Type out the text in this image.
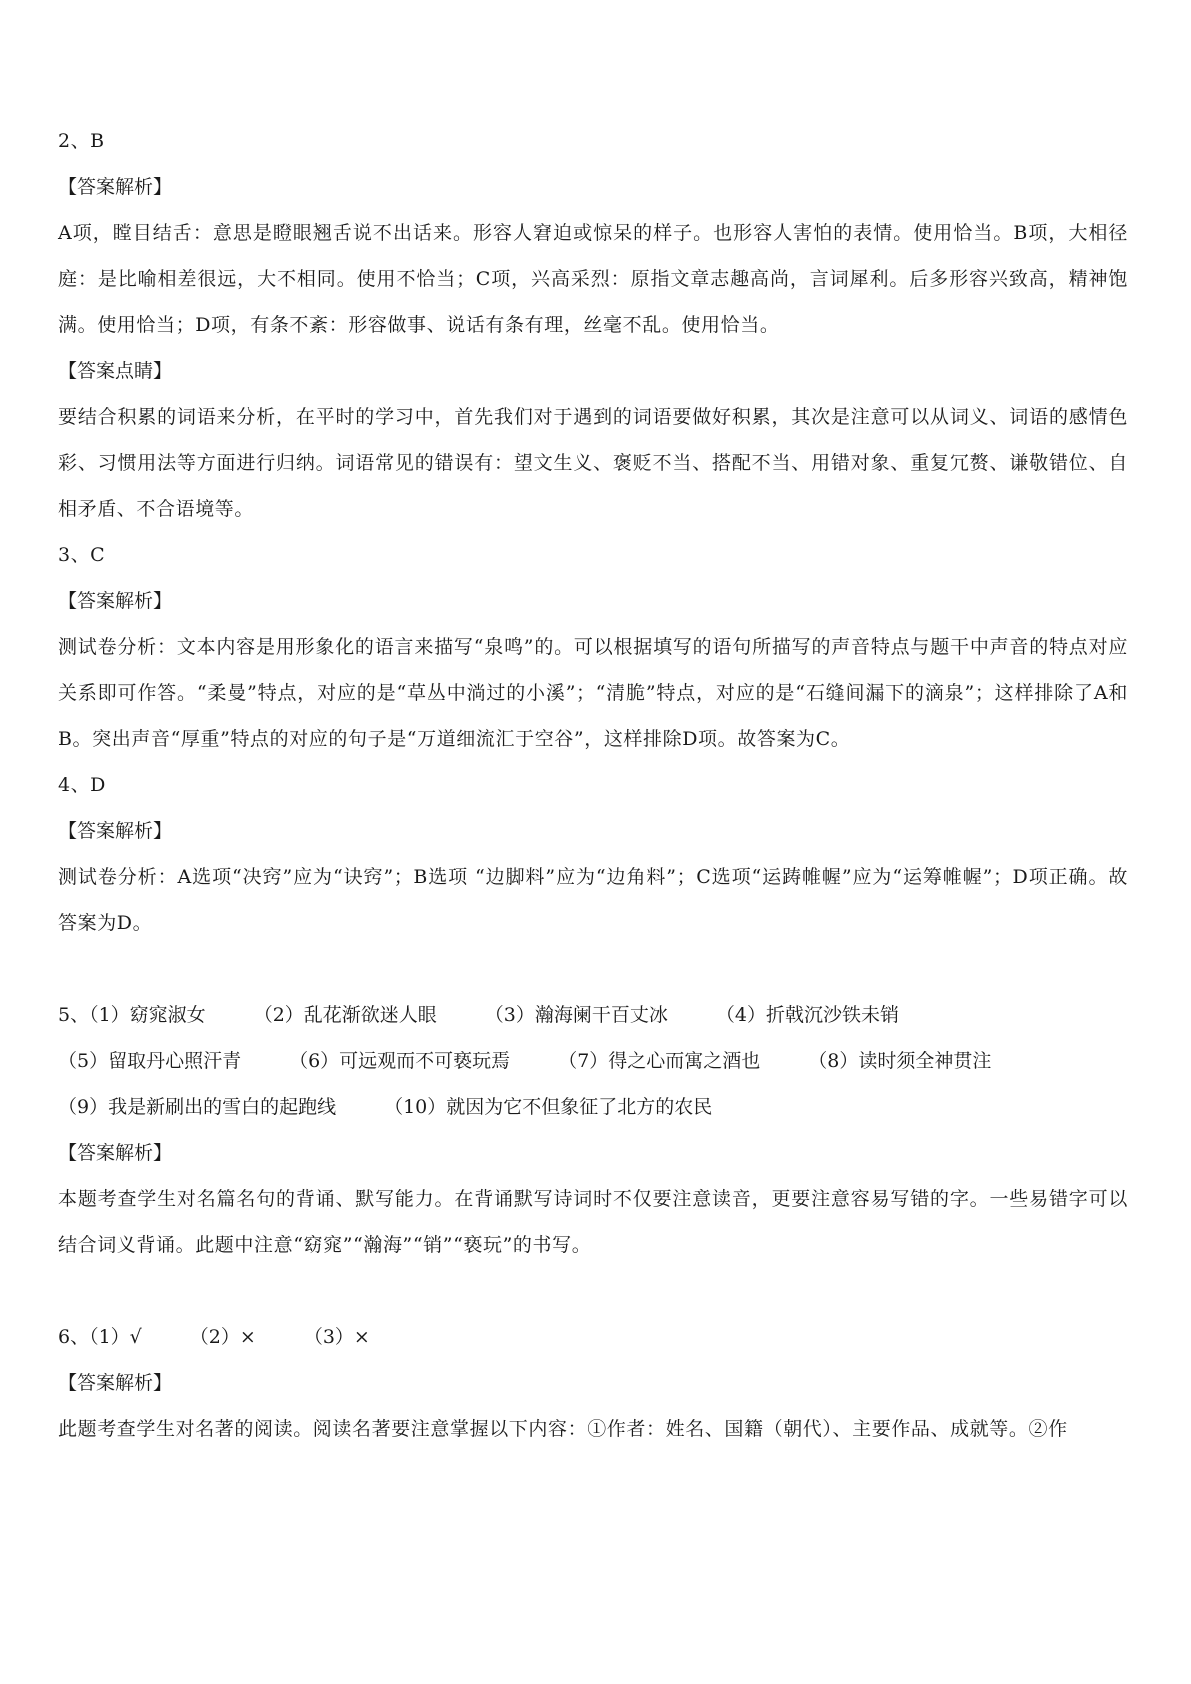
2、B
【答案解析】
A项，瞠目结舌：意思是瞪眼翘舌说不出话来。形容人窘迫或惊呆的样子。也形容人害怕的表情。使用恰当。B项，大相径庭：是比喻相差很远，大不相同。使用不恰当；C项，兴高采烈：原指文章志趣高尚，言词犀利。后多形容兴致高，精神饱满。使用恰当；D项，有条不紊：形容做事、说话有条有理，丝毫不乱。使用恰当。
【答案点睛】
要结合积累的词语来分析，在平时的学习中，首先我们对于遇到的词语要做好积累，其次是注意可以从词义、词语的感情色彩、习惯用法等方面进行归纳。词语常见的错误有：望文生义、褒贬不当、搭配不当、用错对象、重复冗赘、谦敬错位、自相矛盾、不合语境等。
3、C
【答案解析】
测试卷分析：文本内容是用形象化的语言来描写“泉鸣”的。可以根据填写的语句所描写的声音特点与题干中声音的特点对应关系即可作答。“柔曼”特点，对应的是“草丛中淌过的小溪”；“清脆”特点，对应的是“石缝间漏下的滴泉”；这样排除了A和B。突出声音“厚重”特点的对应的句子是“万道细流汇于空谷”，这样排除D项。故答案为C。
4、D
【答案解析】
测试卷分析：A选项“决窍”应为“诀窍”；B选项 “边脚料”应为“边角料”；C选项“运踌帷幄”应为“运筹帷幄”；D项正确。故答案为D。
5、（1）窈窕淑女	（2）乱花渐欲迷人眼	（3）瀚海阑干百丈冰	（4）折戟沉沙铁未销
（5）留取丹心照汗青	（6）可远观而不可亵玩焉	（7）得之心而寓之酒也	（8）读时须全神贯注
（9）我是新刷出的雪白的起跑线	（10）就因为它不但象征了北方的农民
【答案解析】
本题考查学生对名篇名句的背诵、默写能力。在背诵默写诗词时不仅要注意读音，更要注意容易写错的字。一些易错字可以结合词义背诵。此题中注意“窈窕”“瀚海”“销”“亵玩”的书写。
6、（1）√	（2）×	（3）×
【答案解析】
此题考查学生对名著的阅读。阅读名著要注意掌握以下内容：①作者：姓名、国籍（朝代）、主要作品、成就等。②作
